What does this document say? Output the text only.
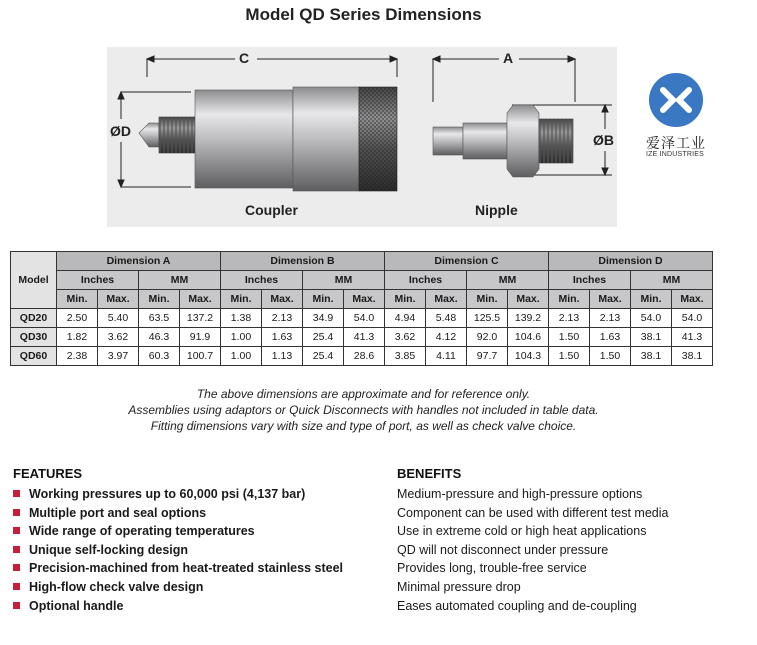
Model QD Series Dimensions
C
ØD
A
ØB
Coupler	Nipple
爱泽工业
IZE INDUSTRIES
Model	Dimension A				Dimension B				Dimension C				Dimension D			
	Inches		MM		Inches		MM		Inches		MM		Inches		MM	
	Min.	Max.	Min.	Max.	Min.	Max.	Min.	Max.	Min.	Max.	Min.	Max.	Min.	Max.	Min.	Max.
QD20	2.50	5.40	63.5	137.2	1.38	2.13	34.9	54.0	4.94	5.48	125.5	139.2	2.13	2.13	54.0	54.0
QD30	1.82	3.62	46.3	91.9	1.00	1.63	25.4	41.3	3.62	4.12	92.0	104.6	1.50	1.63	38.1	41.3
QD60	2.38	3.97	60.3	100.7	1.00	1.13	25.4	28.6	3.85	4.11	97.7	104.3	1.50	1.50	38.1	38.1
The above dimensions are approximate and for reference only.
Assemblies using adaptors or Quick Disconnects with handles not included in table data.
Fitting dimensions vary with size and type of port, as well as check valve choice.
FEATURES
Working pressures up to 60,000 psi (4,137 bar)
Multiple port and seal options
Wide range of operating temperatures
Unique self-locking design
Precision-machined from heat-treated stainless steel
High-flow check valve design
Optional handle
BENEFITS
Medium-pressure and high-pressure options
Component can be used with different test media
Use in extreme cold or high heat applications
QD will not disconnect under pressure
Provides long, trouble-free service
Minimal pressure drop
Eases automated coupling and de-coupling
